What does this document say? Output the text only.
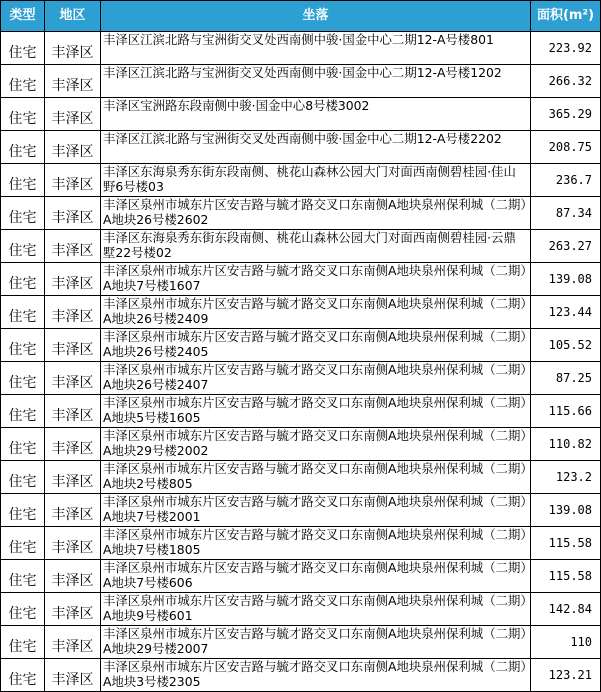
类型	地区	坐落	面积(m²)
住宅	丰泽区	丰泽区江滨北路与宝洲街交叉处西南侧中骏·国金中心二期12-A号楼801	223.92
住宅	丰泽区	丰泽区江滨北路与宝洲街交叉处西南侧中骏·国金中心二期12-A号楼1202	266.32
住宅	丰泽区	丰泽区宝洲路东段南侧中骏·国金中心8号楼3002	365.29
住宅	丰泽区	丰泽区江滨北路与宝洲街交叉处西南侧中骏·国金中心二期12-A号楼2202	208.75
住宅	丰泽区	丰泽区东海泉秀东街东段南侧、桃花山森林公园大门对面西南侧碧桂园·佳山野6号楼03	236.7
住宅	丰泽区	丰泽区泉州市城东片区安吉路与毓才路交叉口东南侧A地块泉州保利城（二期）A地块26号楼2602	87.34
住宅	丰泽区	丰泽区东海泉秀东街东段南侧、桃花山森林公园大门对面西南侧碧桂园·云鼎墅22号楼02	263.27
住宅	丰泽区	丰泽区泉州市城东片区安吉路与毓才路交叉口东南侧A地块泉州保利城（二期）A地块7号楼1607	139.08
住宅	丰泽区	丰泽区泉州市城东片区安吉路与毓才路交叉口东南侧A地块泉州保利城（二期）A地块26号楼2409	123.44
住宅	丰泽区	丰泽区泉州市城东片区安吉路与毓才路交叉口东南侧A地块泉州保利城（二期）A地块26号楼2405	105.52
住宅	丰泽区	丰泽区泉州市城东片区安吉路与毓才路交叉口东南侧A地块泉州保利城（二期）A地块26号楼2407	87.25
住宅	丰泽区	丰泽区泉州市城东片区安吉路与毓才路交叉口东南侧A地块泉州保利城（二期）A地块5号楼1605	115.66
住宅	丰泽区	丰泽区泉州市城东片区安吉路与毓才路交叉口东南侧A地块泉州保利城（二期）A地块29号楼2002	110.82
住宅	丰泽区	丰泽区泉州市城东片区安吉路与毓才路交叉口东南侧A地块泉州保利城（二期）A地块2号楼805	123.2
住宅	丰泽区	丰泽区泉州市城东片区安吉路与毓才路交叉口东南侧A地块泉州保利城（二期）A地块7号楼2001	139.08
住宅	丰泽区	丰泽区泉州市城东片区安吉路与毓才路交叉口东南侧A地块泉州保利城（二期）A地块7号楼1805	115.58
住宅	丰泽区	丰泽区泉州市城东片区安吉路与毓才路交叉口东南侧A地块泉州保利城（二期）A地块7号楼606	115.58
住宅	丰泽区	丰泽区泉州市城东片区安吉路与毓才路交叉口东南侧A地块泉州保利城（二期）A地块9号楼601	142.84
住宅	丰泽区	丰泽区泉州市城东片区安吉路与毓才路交叉口东南侧A地块泉州保利城（二期）A地块29号楼2007	110
住宅	丰泽区	丰泽区泉州市城东片区安吉路与毓才路交叉口东南侧A地块泉州保利城（二期）A地块3号楼2305	123.21
